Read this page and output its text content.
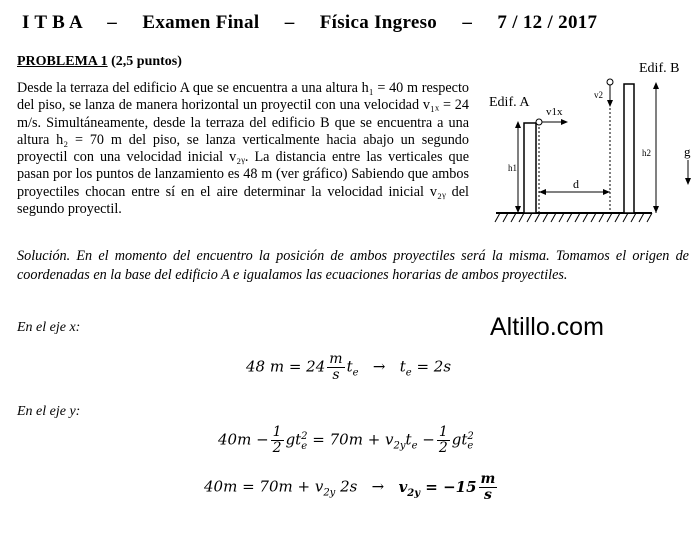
I T B A – Examen Final – Física Ingreso – 7 / 12 / 2017
PROBLEMA 1 (2,5 puntos)
Desde la terraza del edificio A que se encuentra a una altura h₁ = 40 m respecto del piso, se lanza de manera horizontal un proyectil con una velocidad v₁ₓ = 24 m/s. Simultáneamente, desde la terraza del edificio B que se encuentra a una altura h₂ = 70 m del piso, se lanza verticalmente hacia abajo un segundo proyectil con una velocidad inicial v₂ᵧ. La distancia entre las verticales que pasan por los puntos de lanzamiento es 48 m (ver gráfico) Sabiendo que ambos proyectiles chocan entre sí en el aire determinar la velocidad inicial v₂ᵧ del segundo proyectil.
Edif. A
Edif. B
v1x
v2
h1
h2
d
g
Solución. En el momento del encuentro la posición de ambos proyectiles será la misma. Tomamos el origen de coordenadas en la base del edificio A e igualamos las ecuaciones horarias de ambos proyectiles.
Altillo.com
En el eje x:
48 $m = 24 \frac{m}{s} t_e \to t_e = 2s$
En el eje y:
$40m - \frac{1}{2} gt_e^2 = 70m + v_{2y}t_e - \frac{1}{2} gt_e^2$
$40m = 70m + v_{2y}$ $2s \to v_{2y} = -15 \frac{m}{s}$
